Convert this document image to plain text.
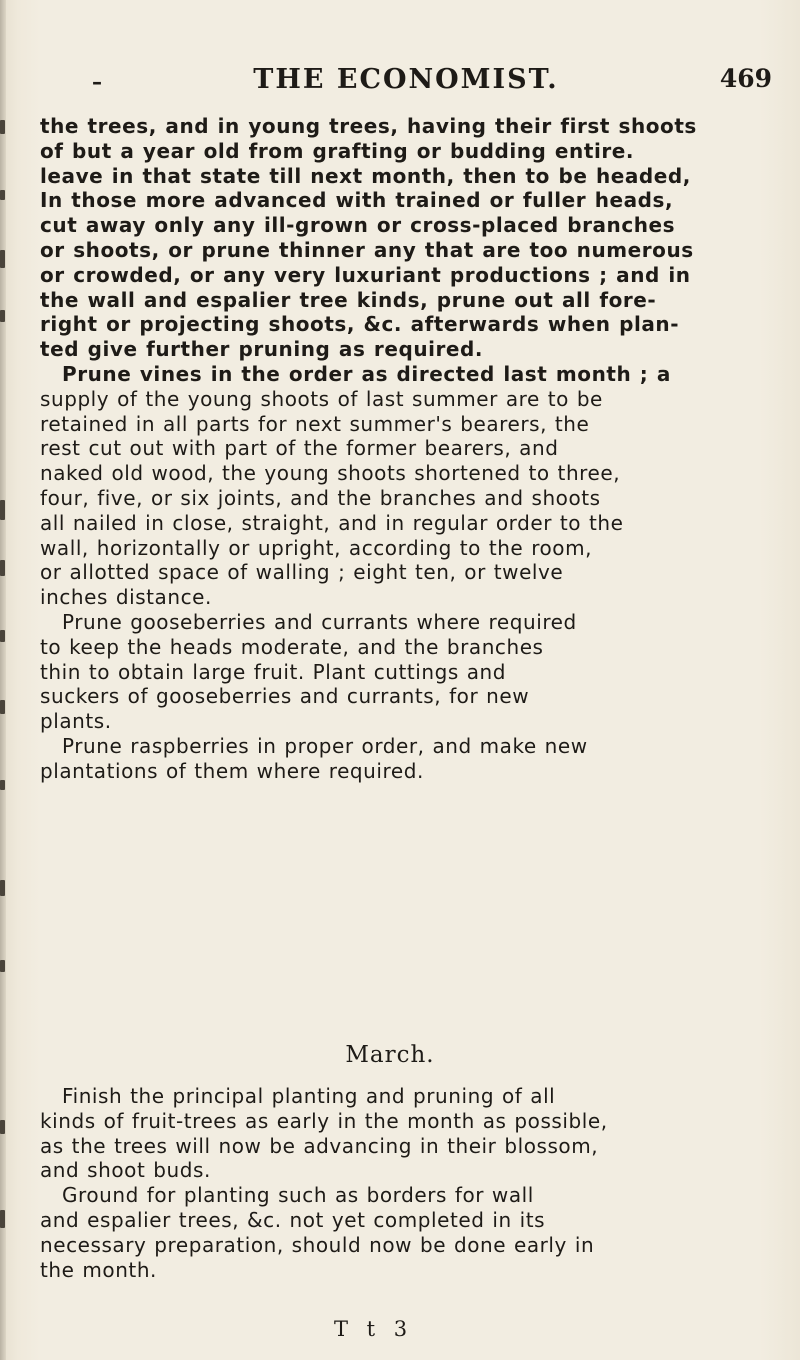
–	THE ECONOMIST.	469
the trees, and in young trees, having their first shoots
of but a year old from grafting or budding entire.
leave in that state till next month, then to be headed,
In those more advanced with trained or fuller heads,
cut away only any ill-grown or cross-placed branches
or shoots, or prune thinner any that are too numerous
or crowded, or any very luxuriant productions ; and in
the wall and espalier tree kinds, prune out all fore-
right or projecting shoots, &c. afterwards when plan-
ted give further pruning as required.
Prune vines in the order as directed last month ; a
supply of the young shoots of last summer are to be
retained in all parts for next summer's bearers, the
rest cut out with part of the former bearers, and
naked old wood, the young shoots shortened to three,
four, five, or six joints, and the branches and shoots
all nailed in close, straight, and in regular order to the
wall, horizontally or upright, according to the room,
or allotted space of walling ; eight ten, or twelve
inches distance.
Prune gooseberries and currants where required
to keep the heads moderate, and the branches
thin to obtain large fruit. Plant cuttings and
suckers of gooseberries and currants, for new
plants.
Prune raspberries in proper order, and make new
plantations of them where required.
March.
Finish the principal planting and pruning of all
kinds of fruit-trees as early in the month as possible,
as the trees will now be advancing in their blossom,
and shoot buds.
Ground for planting such as borders for wall
and espalier trees, &c. not yet completed in its
necessary preparation, should now be done early in
the month.
T t 3
